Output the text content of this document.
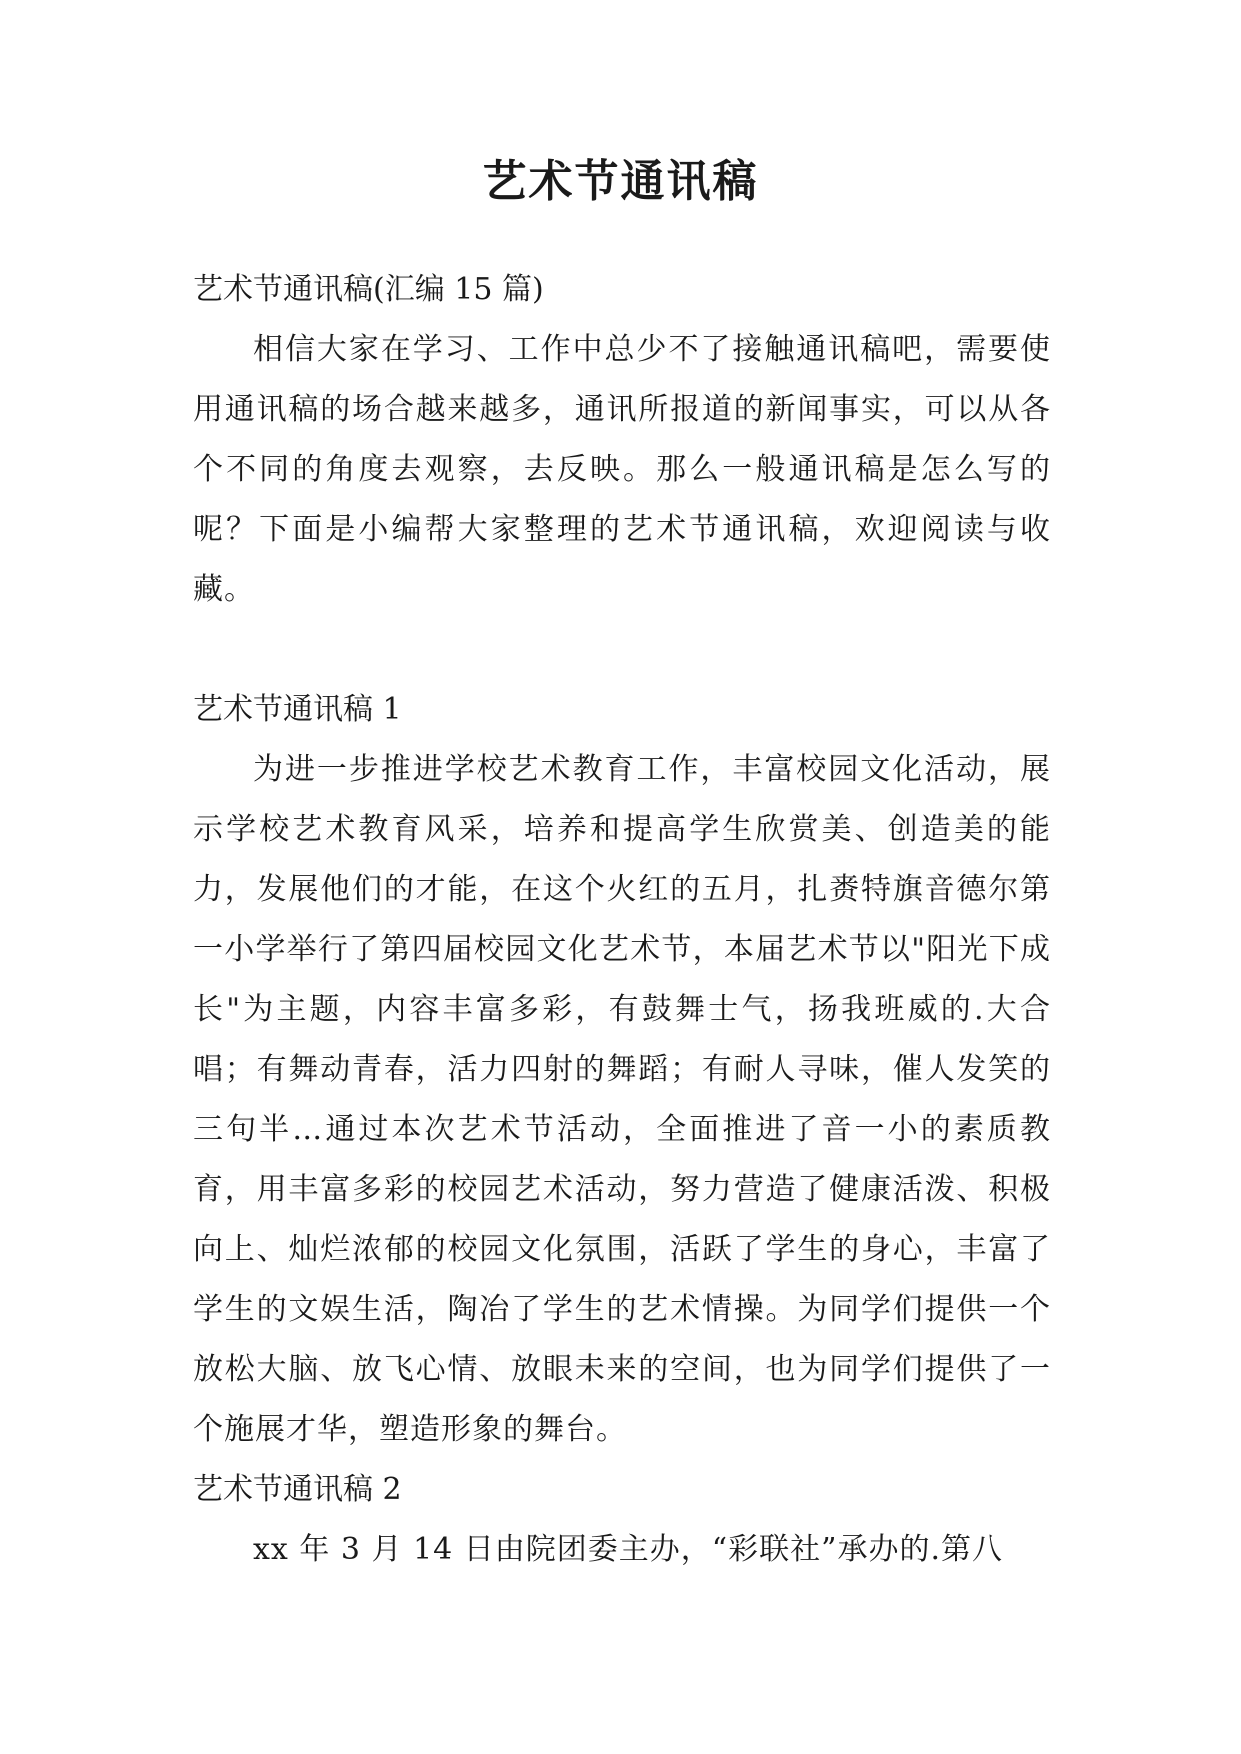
艺术节通讯稿

艺术节通讯稿(汇编 15 篇)

相信大家在学习、工作中总少不了接触通讯稿吧，需要使用通讯稿的场合越来越多，通讯所报道的新闻事实，可以从各个不同的角度去观察，去反映。那么一般通讯稿是怎么写的呢？下面是小编帮大家整理的艺术节通讯稿，欢迎阅读与收藏。

艺术节通讯稿 1

为进一步推进学校艺术教育工作，丰富校园文化活动，展示学校艺术教育风采，培养和提高学生欣赏美、创造美的能力，发展他们的才能，在这个火红的五月，扎赉特旗音德尔第一小学举行了第四届校园文化艺术节，本届艺术节以"阳光下成长"为主题，内容丰富多彩，有鼓舞士气，扬我班威的.大合唱；有舞动青春，活力四射的舞蹈；有耐人寻味，催人发笑的三句半…通过本次艺术节活动，全面推进了音一小的素质教育，用丰富多彩的校园艺术活动，努力营造了健康活泼、积极向上、灿烂浓郁的校园文化氛围，活跃了学生的身心，丰富了学生的文娱生活，陶冶了学生的艺术情操。为同学们提供一个放松大脑、放飞心情、放眼未来的空间，也为同学们提供了一个施展才华，塑造形象的舞台。

艺术节通讯稿 2

xx 年 3 月 14 日由院团委主办，“彩联社”承办的.第八
